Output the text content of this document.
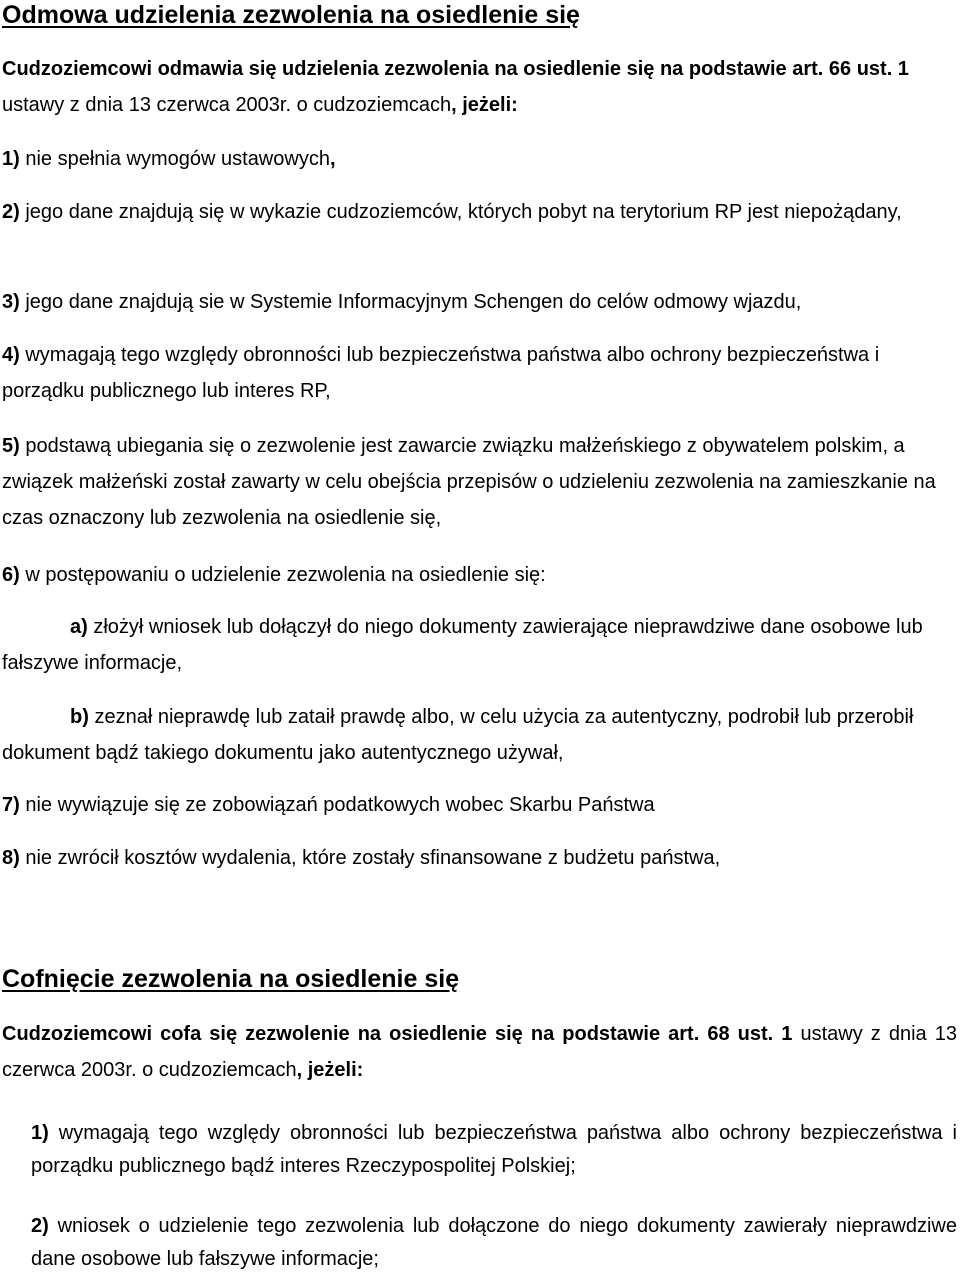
Odmowa udzielenia zezwolenia na osiedlenie się

Cudzoziemcowi odmawia się udzielenia zezwolenia na osiedlenie się na podstawie art. 66 ust. 1 ustawy z dnia 13 czerwca 2003r. o cudzoziemcach, jeżeli:

1) nie spełnia wymogów ustawowych,

2) jego dane znajdują się w wykazie cudzoziemców, których pobyt na terytorium RP jest niepożądany,

3) jego dane znajdują sie w Systemie Informacyjnym Schengen do celów odmowy wjazdu,

4) wymagają tego względy obronności lub bezpieczeństwa państwa albo ochrony bezpieczeństwa i porządku publicznego lub interes RP,

5) podstawą ubiegania się o zezwolenie jest zawarcie związku małżeńskiego z obywatelem polskim, a związek małżeński został zawarty w celu obejścia przepisów o udzieleniu zezwolenia na zamieszkanie na czas oznaczony lub zezwolenia na osiedlenie się,

6) w postępowaniu o udzielenie zezwolenia na osiedlenie się:

a) złożył wniosek lub dołączył do niego dokumenty zawierające nieprawdziwe dane osobowe lub fałszywe informacje,

b) zeznał nieprawdę lub zataił prawdę albo, w celu użycia za autentyczny, podrobił lub przerobił dokument bądź takiego dokumentu jako autentycznego używał,

7) nie wywiązuje się ze zobowiązań podatkowych wobec Skarbu Państwa

8) nie zwrócił kosztów wydalenia, które zostały sfinansowane z budżetu państwa,

Cofnięcie zezwolenia na osiedlenie się

Cudzoziemcowi cofa się zezwolenie na osiedlenie się na podstawie art. 68 ust. 1 ustawy z dnia 13 czerwca 2003r. o cudzoziemcach, jeżeli:

1) wymagają tego względy obronności lub bezpieczeństwa państwa albo ochrony bezpieczeństwa i porządku publicznego bądź interes Rzeczypospolitej Polskiej;

2) wniosek o udzielenie tego zezwolenia lub dołączone do niego dokumenty zawierały nieprawdziwe dane osobowe lub fałszywe informacje;
